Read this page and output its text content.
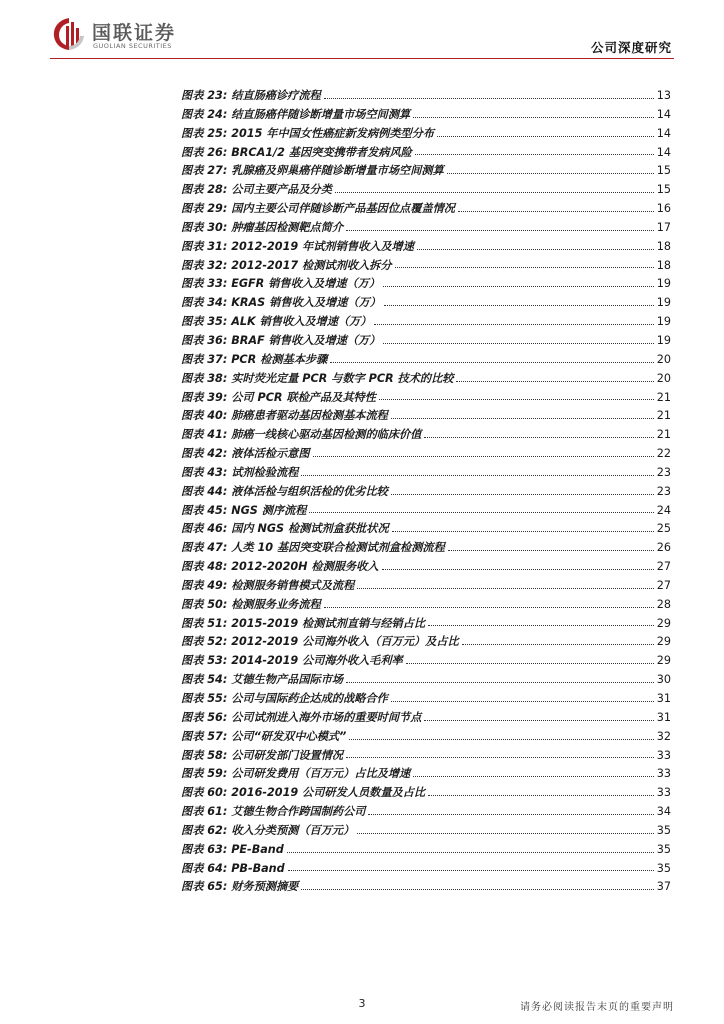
国联证券
GUOLIAN SECURITIES	公司深度研究
图表 23:
结直肠癌诊疗流程	13
图表 24:
结直肠癌伴随诊断增量市场空间测算	14
图表 25:
2015 年中国女性癌症新发病例类型分布	14
图表 26:
BRCA1/2 基因突变携带者发病风险	14
图表 27:
乳腺癌及卵巢癌伴随诊断增量市场空间测算	15
图表 28:
公司主要产品及分类	15
图表 29:
国内主要公司伴随诊断产品基因位点覆盖情况	16
图表 30:
肿瘤基因检测靶点简介	17
图表 31:
2012-2019 年试剂销售收入及增速	18
图表 32:
2012-2017 检测试剂收入拆分	18
图表 33:
EGFR 销售收入及增速（万）	19
图表 34:
KRAS 销售收入及增速（万）	19
图表 35:
ALK 销售收入及增速（万）	19
图表 36:
BRAF 销售收入及增速（万）	19
图表 37:
PCR 检测基本步骤	20
图表 38:
实时荧光定量 PCR 与数字 PCR 技术的比较	20
图表 39:
公司 PCR 联检产品及其特性	21
图表 40:
肺癌患者驱动基因检测基本流程	21
图表 41:
肺癌一线核心驱动基因检测的临床价值	21
图表 42:
液体活检示意图	22
图表 43:
试剂检验流程	23
图表 44:
液体活检与组织活检的优劣比较	23
图表 45:
NGS 测序流程	24
图表 46:
国内 NGS 检测试剂盒获批状况	25
图表 47:
人类 10 基因突变联合检测试剂盒检测流程	26
图表 48:
2012-2020H 检测服务收入	27
图表 49:
检测服务销售模式及流程	27
图表 50:
检测服务业务流程	28
图表 51:
2015-2019 检测试剂直销与经销占比	29
图表 52:
2012-2019 公司海外收入（百万元）及占比	29
图表 53:
2014-2019 公司海外收入毛利率	29
图表 54:
艾德生物产品国际市场	30
图表 55:
公司与国际药企达成的战略合作	31
图表 56:
公司试剂进入海外市场的重要时间节点	31
图表 57:
公司“研发双中心模式”	32
图表 58:
公司研发部门设置情况	33
图表 59:
公司研发费用（百万元）占比及增速	33
图表 60:
2016-2019 公司研发人员数量及占比	33
图表 61:
艾德生物合作跨国制药公司	34
图表 62:
收入分类预测（百万元）	35
图表 63:
PE-Band	35
图表 64:
PB-Band	35
图表 65:
财务预测摘要	37
3	请务必阅读报告末页的重要声明
